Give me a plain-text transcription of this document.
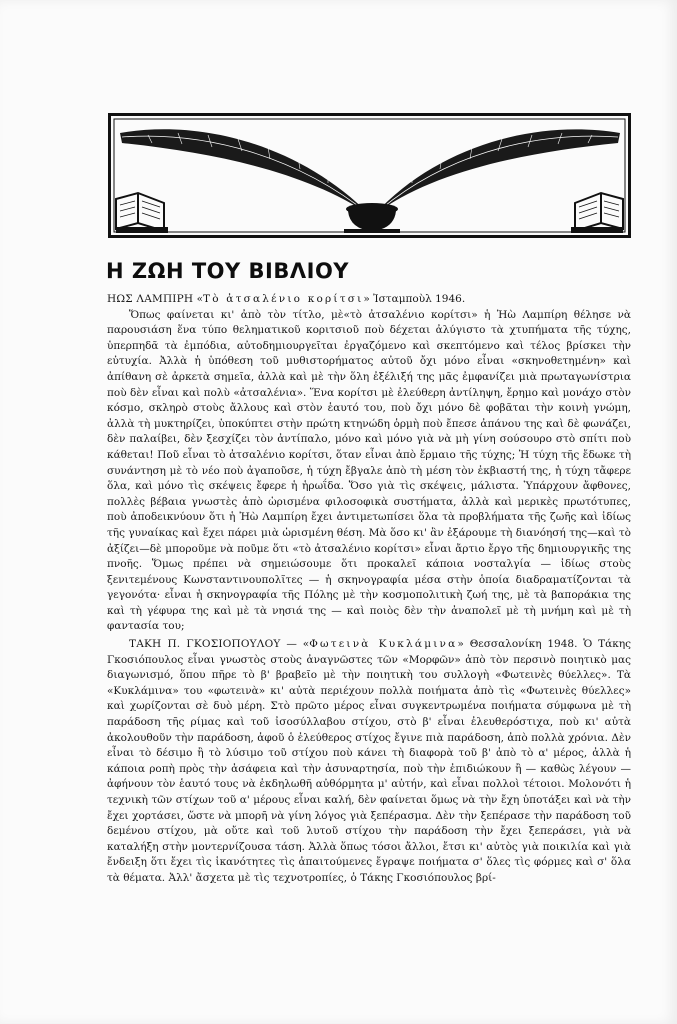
Η ΖΩΗ ΤΟΥ ΒΙΒΛΙΟΥ

ΗΩΣ ΛΑΜΠΙΡΗ «Τὸ ἀτσαλένιο κορίτσι» Ἰσταμποὺλ 1946.

Ὅπως φαίνεται κι' ἀπὸ τὸν τίτλο, μὲ«τὸ ἀτσαλένιο κορίτσι» ἡ Ἠὼ Λαμπίρη θέλησε νὰ παρουσιάση ἕνα τύπο θεληματικοῦ κοριτσιοῦ ποὺ δέχεται ἀλύγιστο τὰ χτυπήματα τῆς τύχης, ὑπερπηδᾶ τὰ ἐμπόδια, αὐτοδημιουργεῖται ἐργαζόμενο καὶ σκεπτόμενο καὶ τέλος βρίσκει τὴν εὐτυχία. Ἀλλὰ ἡ ὑπόθεση τοῦ μυθιστορήματος αὐτοῦ ὄχι μόνο εἶναι «σκηνοθετημένη» καὶ ἀπίθανη σὲ ἀρκετὰ σημεῖα, ἀλλὰ καὶ μὲ τὴν ὅλη ἐξέλιξή της μᾶς ἐμφανίζει μιὰ πρωταγωνίστρια ποὺ δὲν εἶναι καὶ πολὺ «ἀτσαλένια». Ἕνα κορίτσι μὲ ἐλεύθερη ἀντίληψη, ἔρημο καὶ μονάχο στὸν κόσμο, σκληρὸ στοὺς ἄλλους καὶ στὸν ἑαυτό του, ποὺ ὄχι μόνο δὲ φοβᾶται τὴν κοινὴ γνώμη, ἀλλὰ τὴ μυκτηρίζει, ὑποκύπτει στὴν πρώτη κτηνώδη ὁρμὴ ποὺ ἔπεσε ἀπάνου της καὶ δὲ φωνάζει, δὲν παλαίβει, δὲν ξεσχίζει τὸν ἀντίπαλο, μόνο καὶ μόνο γιὰ νὰ μὴ γίνη σούσουρο στὸ σπίτι ποὺ κάθεται! Ποῦ εἶναι τὸ ἀτσαλένιο κορίτσι, ὅταν εἶναι ἀπὸ ἔρμαιο τῆς τύχης; Ἡ τύχη τῆς ἔδωκε τὴ συνάντηση μὲ τὸ νέο ποὺ ἀγαποῦσε, ἡ τύχη ἔβγαλε ἀπὸ τὴ μέση τὸν ἐκβιαστή της, ἡ τύχη τἄφερε ὅλα, καὶ μόνο τὶς σκέψεις ἔφερε ἡ ἡρωΐδα. Ὅσο γιὰ τὶς σκέψεις, μάλιστα. Ὑπάρχουν ἄφθονες, πολλὲς βέβαια γνωστὲς ἀπὸ ὡρισμένα φιλοσοφικὰ συστήματα, ἀλλὰ καὶ μερικὲς πρωτότυπες, ποὺ ἀποδεικνύουν ὅτι ἡ Ἠὼ Λαμπίρη ἔχει ἀντιμετωπίσει ὅλα τὰ προβλήματα τῆς ζωῆς καὶ ἰδίως τῆς γυναίκας καὶ ἔχει πάρει μιὰ ὡρισμένη θέση. Μὰ ὅσο κι' ἂν ἐξάρουμε τὴ διανόησή της—καὶ τὸ ἀξίζει—δὲ μποροῦμε νὰ ποῦμε ὅτι «τὸ ἀτσαλένιο κορίτσι» εἶναι ἄρτιο ἔργο τῆς δημιουργικῆς της πνοῆς. Ὅμως πρέπει νὰ σημειώσουμε ὅτι προκαλεῖ κάποια νοσταλγία — ἰδίως στοὺς ξενιτεμένους Κωνσταντινουπολῖτες — ἡ σκηνογραφία μέσα στὴν ὁποία διαδραματίζονται τὰ γεγονότα· εἶναι ἡ σκηνογραφία τῆς Πόλης μὲ τὴν κοσμοπολιτικὴ ζωή της, μὲ τὰ βαποράκια της καὶ τὴ γέφυρα της καὶ μὲ τὰ νησιά της — καὶ ποιὸς δὲν τὴν ἀναπολεῖ μὲ τὴ μνήμη καὶ μὲ τὴ φαντασία του;

ΤΑΚΗ Π. ΓΚΟΣΙΟΠΟΥΛΟΥ — «Φωτεινὰ Κυκλάμινα» Θεσσαλονίκη 1948. Ὁ Τάκης Γκοσιόπουλος εἶναι γνωστὸς στοὺς ἀναγνῶστες τῶν «Μορφῶν» ἀπὸ τὸν περσινὸ ποιητικὸ μας διαγωνισμό, ὅπου πῆρε τὸ β' βραβεῖο μὲ τὴν ποιητικὴ του συλλογὴ «Φωτεινὲς θύελλες». Τὰ «Κυκλάμινα» του «φωτεινὰ» κι' αὐτὰ περιέχουν πολλὰ ποιήματα ἀπὸ τὶς «Φωτεινὲς θύελλες» καὶ χωρίζονται σὲ δυὸ μέρη. Στὸ πρῶτο μέρος εἶναι συγκεντρωμένα ποιήματα σύμφωνα μὲ τὴ παράδοση τῆς ρίμας καὶ τοῦ ἰσοσύλλαβου στίχου, στὸ β' εἶναι ἐλευθερόστιχα, ποὺ κι' αὐτὰ ἀκολουθοῦν τὴν παράδοση, ἀφοῦ ὁ ἐλεύθερος στίχος ἔγινε πιὰ παράδοση, ἀπὸ πολλὰ χρόνια. Δὲν εἶναι τὸ δέσιμο ἢ τὸ λύσιμο τοῦ στίχου ποὺ κάνει τὴ διαφορὰ τοῦ β' ἀπὸ τὸ α' μέρος, ἀλλὰ ἡ κάποια ροπὴ πρὸς τὴν ἀσάφεια καὶ τὴν ἀσυναρτησία, ποὺ τὴν ἐπιδιώκουν ἢ — καθὼς λέγουν — ἀφήνουν τὸν ἑαυτό τους νὰ ἐκδηλωθῆ αὐθόρμητα μ' αὐτήν, καὶ εἶναι πολλοὶ τέτοιοι. Μολονότι ἡ τεχνικὴ τῶν στίχων τοῦ α' μέρους εἶναι καλή, δὲν φαίνεται ὅμως νὰ τὴν ἔχη ὑποτάξει καὶ νὰ τὴν ἔχει χορτάσει, ὥστε νὰ μπορῆ νὰ γίνη λόγος γιὰ ξεπέρασμα. Δὲν τὴν ξεπέρασε τὴν παράδοση τοῦ δεμένου στίχου, μὰ οὔτε καὶ τοῦ λυτοῦ στίχου τὴν παράδοση τὴν ἔχει ξεπεράσει, γιὰ νὰ καταλήξη στὴν μοντερνίζουσα τάση. Ἀλλὰ ὅπως τόσοι ἄλλοι, ἔτσι κι' αὐτὸς γιὰ ποικιλία καὶ γιὰ ἔνδειξη ὅτι ἔχει τὶς ἱκανότητες τὶς ἀπαιτούμενες ἔγραψε ποιήματα σ' ὅλες τὶς φόρμες καὶ σ' ὅλα τὰ θέματα. Ἀλλ' ἄσχετα μὲ τὶς τεχνοτροπίες, ὁ Τάκης Γκοσιόπουλος βρί-
